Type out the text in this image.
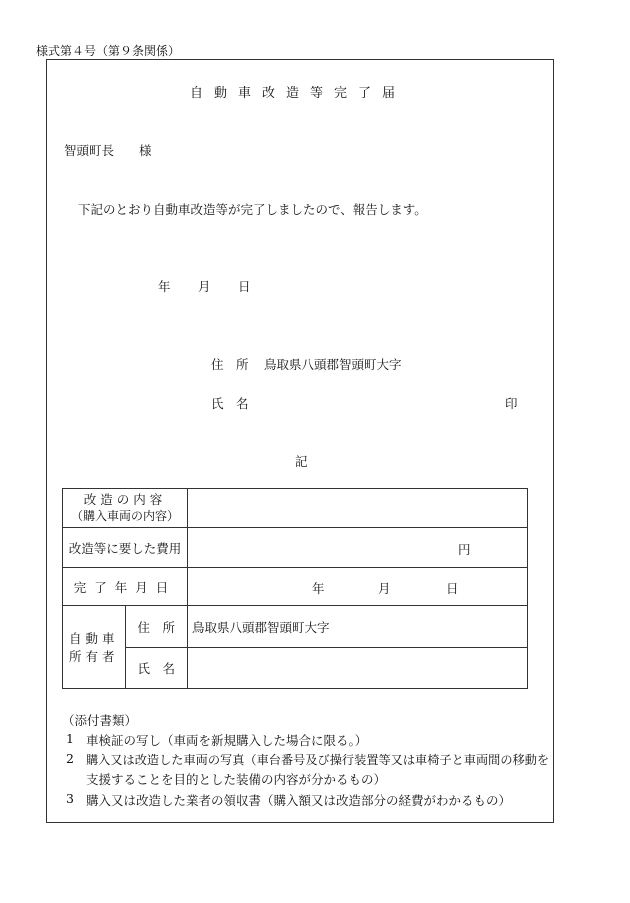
様式第４号（第９条関係）
自動車改造等完了届
智頭町長　　様
下記のとおり自動車改造等が完了しましたので、報告します。
年 月 日
住　所 鳥取県八頭郡智頭町大字
氏　名	印
記
改造の内容
（購入車両の内容）		

改造等に要した費用		円

完了年月日		年 月 日

自動車所有者	住　所	鳥取県八頭郡智頭町大字
	氏　名	
（添付書類）
1 車検証の写し（車両を新規購入した場合に限る。）
2 購入又は改造した車両の写真（車台番号及び操行装置等又は車椅子と車両間の移動を
支援することを目的とした装備の内容が分かるもの）
3 購入又は改造した業者の領収書（購入額又は改造部分の経費がわかるもの）
